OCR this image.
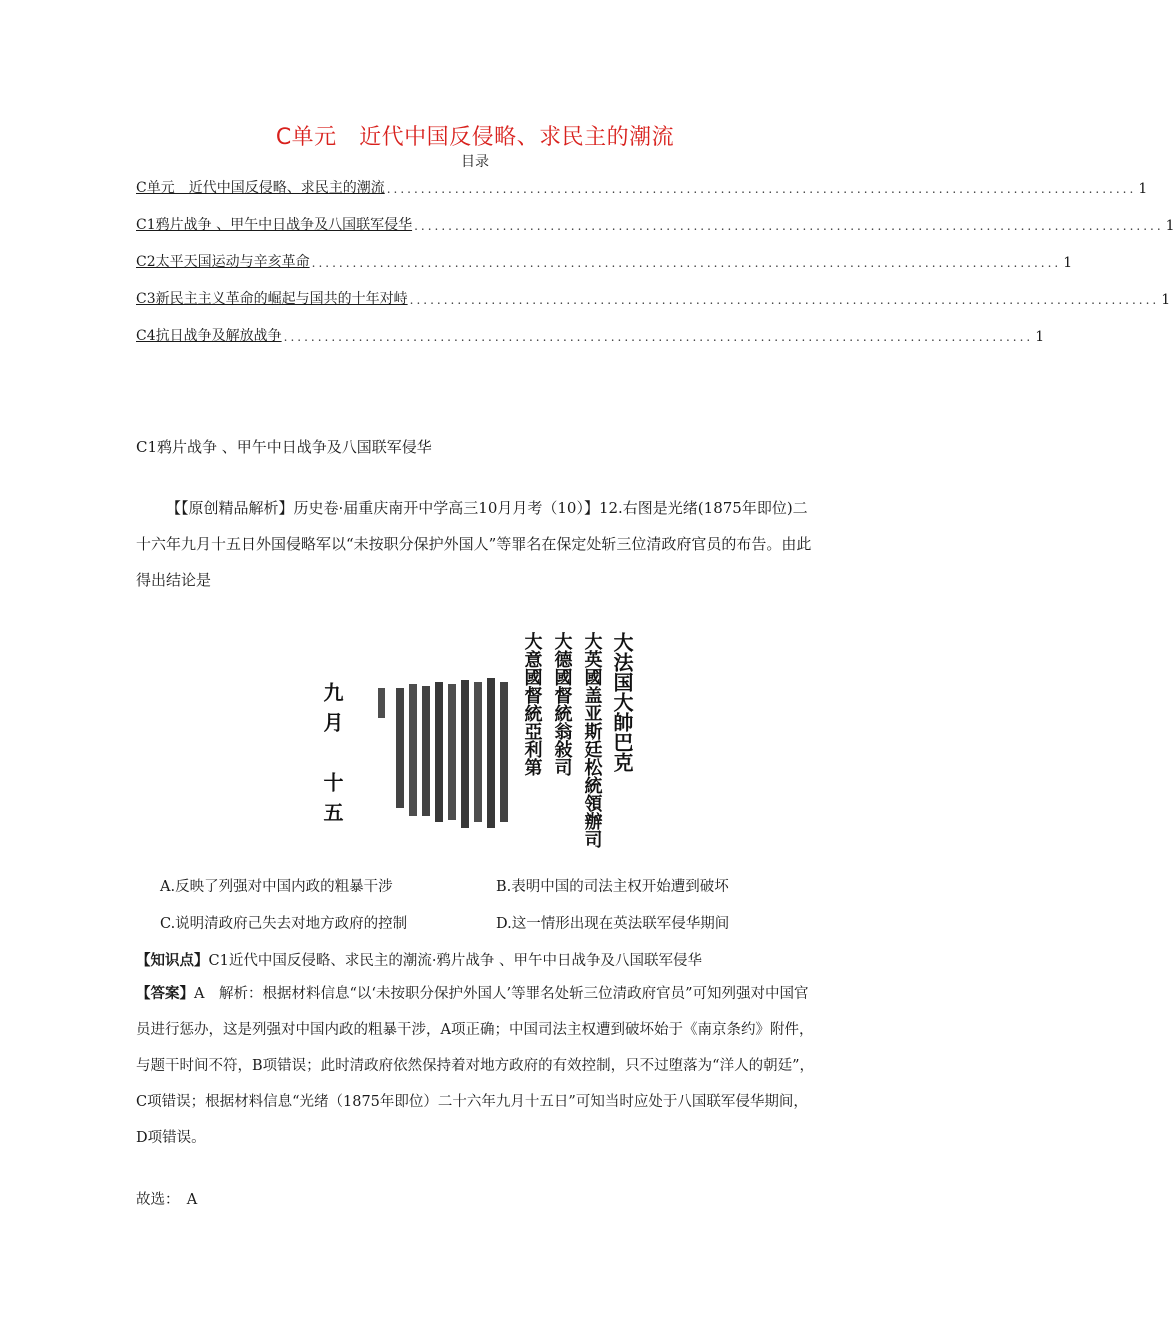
C单元　近代中国反侵略、求民主的潮流
目录
C单元　近代中国反侵略、求民主的潮流 .............................................................................................................. 1
C1鸦片战争 、甲午中日战争及八国联军侵华 .............................................................................................................. 1
C2太平天国运动与辛亥革命 .............................................................................................................. 1
C3新民主主义革命的崛起与国共的十年对峙 .............................................................................................................. 1
C4抗日战争及解放战争 .............................................................................................................. 1
C1鸦片战争 、甲午中日战争及八国联军侵华
【【原创精品解析】历史卷·届重庆南开中学高三10月月考（10）】12.右图是光绪(1875年即位)二十六年九月十五日外国侵略军以“未按职分保护外国人”等罪名在保定处斩三位清政府官员的布告。由此得出结论是
大法国大帥巴克
大英國盖亚斯廷松統領辦司
大德國督統翁敍司
大意國督統亞利第
九月　十五
A.反映了列强对中国内政的粗暴干涉	B.表明中国的司法主权开始遭到破坏
C.说明清政府己失去对地方政府的控制	D.这一情形出现在英法联军侵华期间
【知识点】C1近代中国反侵略、求民主的潮流·鸦片战争 、甲午中日战争及八国联军侵华
【答案】A　解析：根据材料信息“以‘未按职分保护外国人’等罪名处斩三位清政府官员”可知列强对中国官员进行惩办，这是列强对中国内政的粗暴干涉，A项正确；中国司法主权遭到破坏始于《南京条约》附件，与题干时间不符，B项错误；此时清政府依然保持着对地方政府的有效控制，只不过堕落为“洋人的朝廷”，C项错误；根据材料信息“光绪（1875年即位）二十六年九月十五日”可知当时应处于八国联军侵华期间，D项错误。
故选：　A
